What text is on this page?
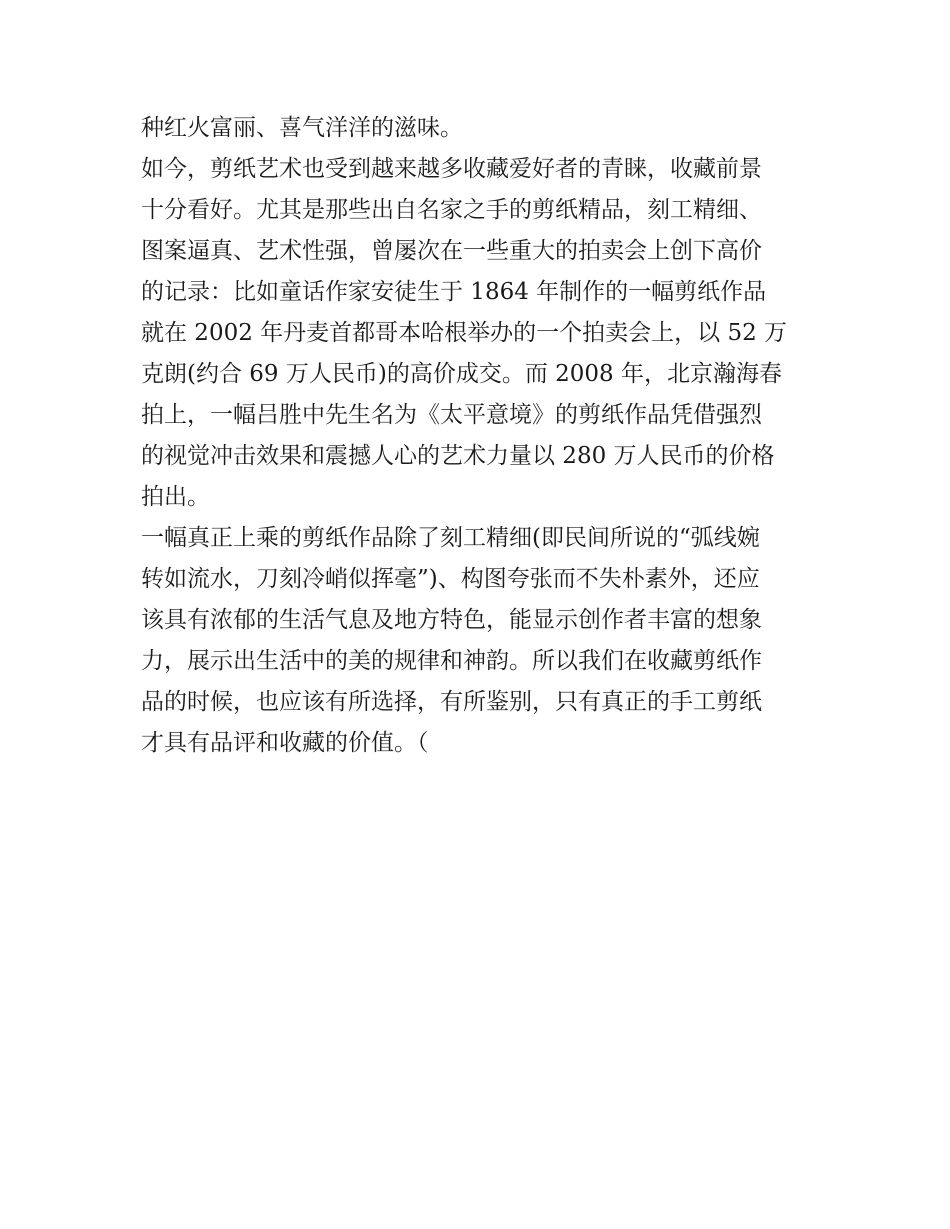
种红火富丽、喜气洋洋的滋味。
如今，剪纸艺术也受到越来越多收藏爱好者的青睐，收藏前景
十分看好。尤其是那些出自名家之手的剪纸精品，刻工精细、
图案逼真、艺术性强，曾屡次在一些重大的拍卖会上创下高价
的记录：比如童话作家安徒生于 1864 年制作的一幅剪纸作品
就在 2002 年丹麦首都哥本哈根举办的一个拍卖会上，以 52 万
克朗(约合 69 万人民币)的高价成交。而 2008 年，北京瀚海春
拍上，一幅吕胜中先生名为《太平意境》的剪纸作品凭借强烈
的视觉冲击效果和震撼人心的艺术力量以 280 万人民币的价格
拍出。
一幅真正上乘的剪纸作品除了刻工精细(即民间所说的“弧线婉
转如流水，刀刻冷峭似挥毫”)、构图夸张而不失朴素外，还应
该具有浓郁的生活气息及地方特色，能显示创作者丰富的想象
力，展示出生活中的美的规律和神韵。所以我们在收藏剪纸作
品的时候，也应该有所选择，有所鉴别，只有真正的手工剪纸
才具有品评和收藏的价值。（
